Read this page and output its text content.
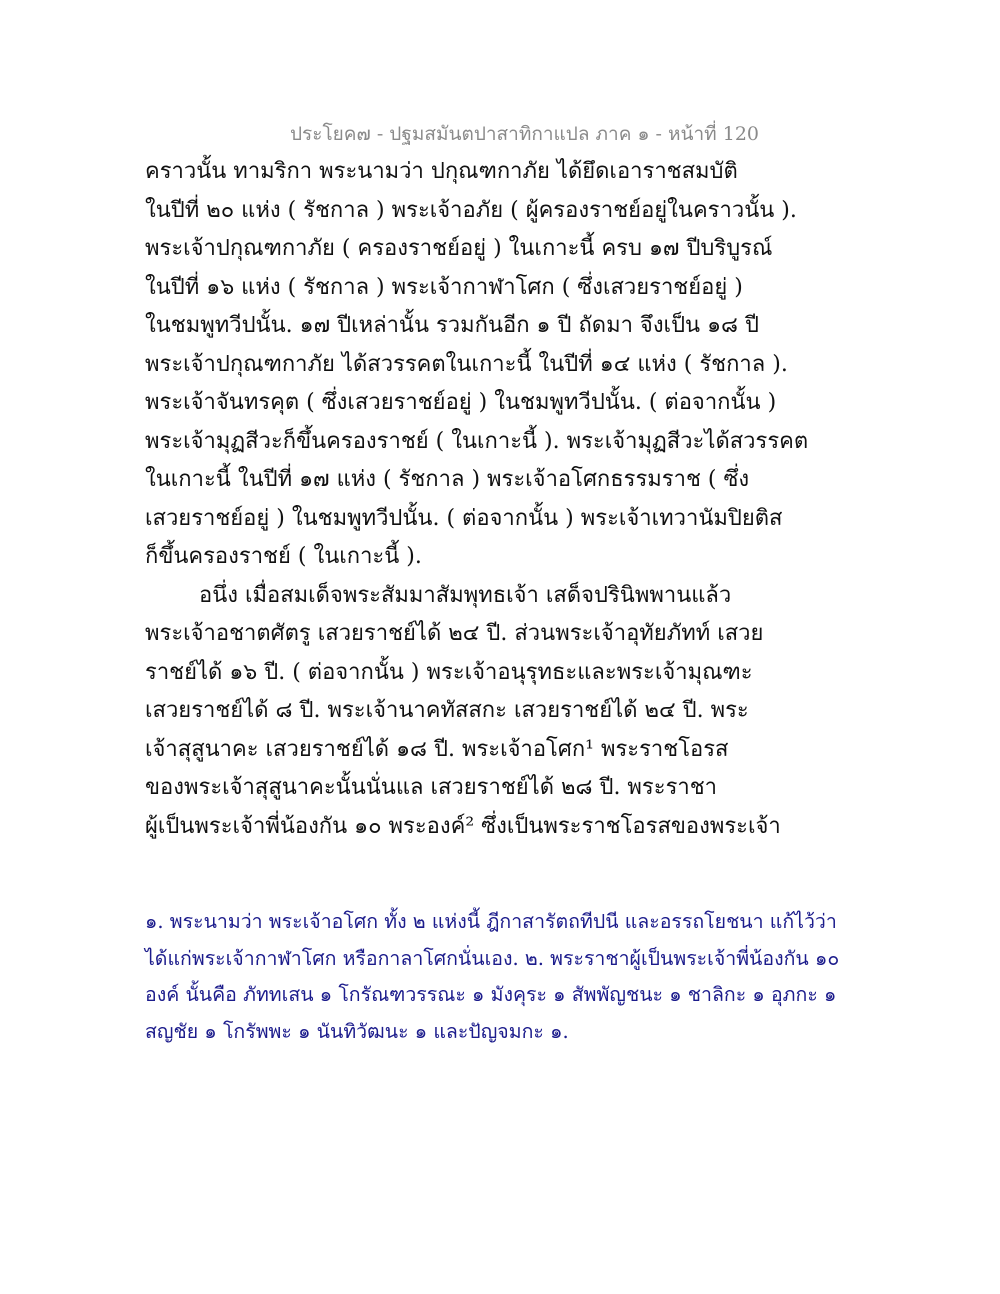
ประโยค๗ - ปฐมสมันตปาสาทิกาแปล ภาค ๑ - หน้าที่ 120
คราวนั้น ทามริกา พระนามว่า ปกุณฑกาภัย ได้ยึดเอาราชสมบัติ
ในปีที่ ๒๐ แห่ง ( รัชกาล ) พระเจ้าอภัย ( ผู้ครองราชย์อยู่ในคราวนั้น ).
พระเจ้าปกุณฑกาภัย ( ครองราชย์อยู่ ) ในเกาะนี้ ครบ ๑๗ ปีบริบูรณ์
ในปีที่ ๑๖ แห่ง ( รัชกาล ) พระเจ้ากาฬาโศก ( ซึ่งเสวยราชย์อยู่ )
ในชมพูทวีปนั้น. ๑๗ ปีเหล่านั้น รวมกันอีก ๑ ปี ถัดมา จึงเป็น ๑๘ ปี
พระเจ้าปกุณฑกาภัย ได้สวรรคตในเกาะนี้ ในปีที่ ๑๔ แห่ง ( รัชกาล ).
พระเจ้าจันทรคุต ( ซึ่งเสวยราชย์อยู่ ) ในชมพูทวีปนั้น. ( ต่อจากนั้น )
พระเจ้ามุฏสีวะก็ขึ้นครองราชย์ ( ในเกาะนี้ ). พระเจ้ามุฏสีวะได้สวรรคต
ในเกาะนี้ ในปีที่ ๑๗ แห่ง ( รัชกาล ) พระเจ้าอโศกธรรมราช ( ซึ่ง
เสวยราชย์อยู่ ) ในชมพูทวีปนั้น. ( ต่อจากนั้น ) พระเจ้าเทวานัมปิยติส
ก็ขึ้นครองราชย์ ( ในเกาะนี้ ).
อนึ่ง เมื่อสมเด็จพระสัมมาสัมพุทธเจ้า เสด็จปรินิพพานแล้ว
พระเจ้าอชาตศัตรู เสวยราชย์ได้ ๒๔ ปี. ส่วนพระเจ้าอุทัยภัทท์ เสวย
ราชย์ได้ ๑๖ ปี. ( ต่อจากนั้น ) พระเจ้าอนุรุทธะและพระเจ้ามุณฑะ
เสวยราชย์ได้ ๘ ปี. พระเจ้านาคทัสสกะ เสวยราชย์ได้ ๒๔ ปี. พระ
เจ้าสุสูนาคะ เสวยราชย์ได้ ๑๘ ปี. พระเจ้าอโศก¹ พระราชโอรส
ของพระเจ้าสุสูนาคะนั้นนั่นแล เสวยราชย์ได้ ๒๘ ปี. พระราชา
ผู้เป็นพระเจ้าพี่น้องกัน ๑๐ พระองค์² ซึ่งเป็นพระราชโอรสของพระเจ้า
๑. พระนามว่า พระเจ้าอโศก ทั้ง ๒ แห่งนี้ ฎีกาสารัตถทีปนี และอรรถโยชนา แก้ไว้ว่า
ได้แก่พระเจ้ากาฬาโศก หรือกาลาโศกนั่นเอง. ๒. พระราชาผู้เป็นพระเจ้าพี่น้องกัน ๑๐
องค์ นั้นคือ ภัททเสน ๑ โกรัณฑวรรณะ ๑ มังคุระ ๑ สัพพัญชนะ ๑ ชาลิกะ ๑ อุภกะ ๑
สญชัย ๑ โกรัพพะ ๑ นันทิวัฒนะ ๑ และปัญจมกะ ๑.
